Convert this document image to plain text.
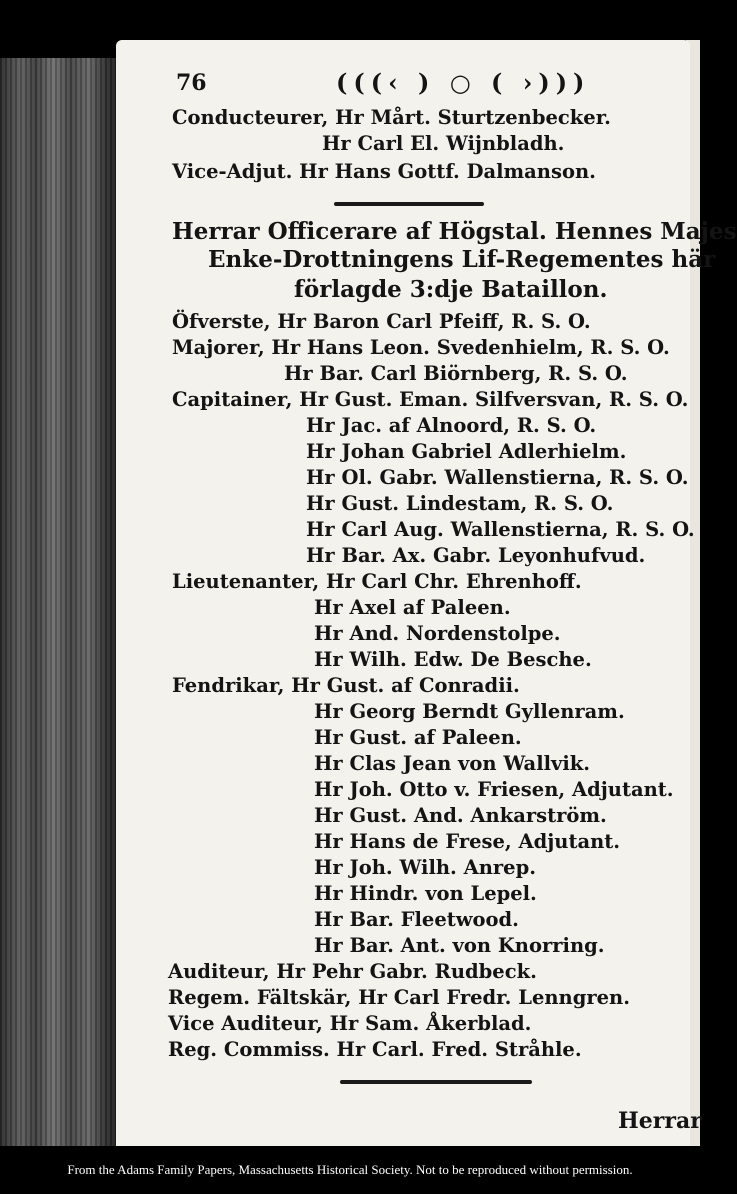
76	(((‹ ) ○ ( ›)))
Conducteurer, Hr Mårt. Sturtzenbecker.
Hr Carl El. Wijnbladh.
Vice-Adjut. Hr Hans Gottf. Dalmanson.
Herrar Officerare af Högstal. Hennes Majes
Enke-Drottningens Lif-Regementes här
förlagde 3:dje Bataillon.
Öfverste, Hr Baron Carl Pfeiff, R. S. O.
Majorer, Hr Hans Leon. Svedenhielm, R. S. O.
Hr Bar. Carl Biörnberg, R. S. O.
Capitainer, Hr Gust. Eman. Silfversvan, R. S. O.
Hr Jac. af Alnoord, R. S. O.
Hr Johan Gabriel Adlerhielm.
Hr Ol. Gabr. Wallenstierna, R. S. O.
Hr Gust. Lindestam, R. S. O.
Hr Carl Aug. Wallenstierna, R. S. O.
Hr Bar. Ax. Gabr. Leyonhufvud.
Lieutenanter, Hr Carl Chr. Ehrenhoff.
Hr Axel af Paleen.
Hr And. Nordenstolpe.
Hr Wilh. Edw. De Besche.
Fendrikar, Hr Gust. af Conradii.
Hr Georg Berndt Gyllenram.
Hr Gust. af Paleen.
Hr Clas Jean von Wallvik.
Hr Joh. Otto v. Friesen, Adjutant.
Hr Gust. And. Ankarström.
Hr Hans de Frese, Adjutant.
Hr Joh. Wilh. Anrep.
Hr Hindr. von Lepel.
Hr Bar. Fleetwood.
Hr Bar. Ant. von Knorring.
Auditeur, Hr Pehr Gabr. Rudbeck.
Regem. Fältskär, Hr Carl Fredr. Lenngren.
Vice Auditeur, Hr Sam. Åkerblad.
Reg. Commiss. Hr Carl. Fred. Stråhle.
Herrar
From the Adams Family Papers, Massachusetts Historical Society. Not to be reproduced without permission.
